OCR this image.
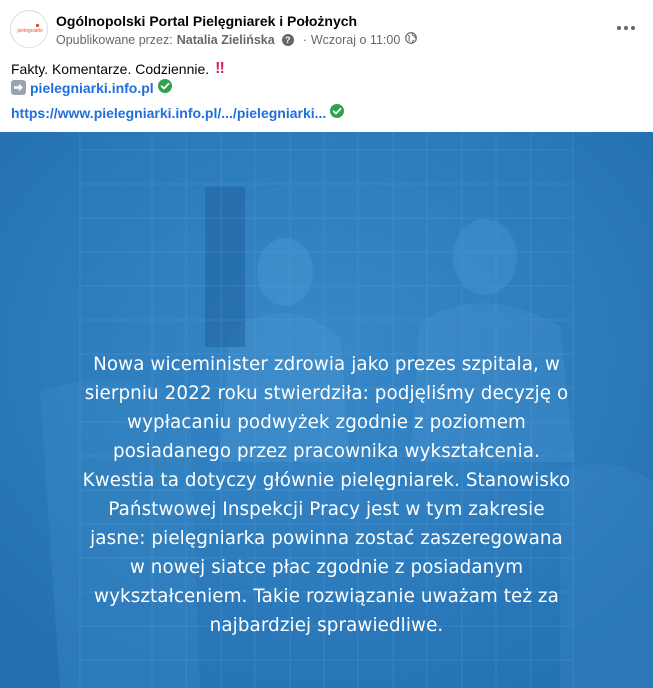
pielegniarki
Ogólnopolski Portal Pielęgniarek i Położnych
Opublikowane przez: Natalia Zielińska	? · Wczoraj o 11:00
Fakty. Komentarze. Codziennie. ‼
pielegniarki.info.pl
https://www.pielegniarki.info.pl/.../pielegniarki...
Nowa wiceminister zdrowia jako prezes szpitala, w sierpniu 2022 roku stwierdziła: podjęliśmy decyzję o wypłacaniu podwyżek zgodnie z poziomem posiadanego przez pracownika wykształcenia. Kwestia ta dotyczy głównie pielęgniarek. Stanowisko Państwowej Inspekcji Pracy jest w tym zakresie jasne: pielęgniarka powinna zostać zaszeregowana w nowej siatce płac zgodnie z posiadanym wykształceniem. Takie rozwiązanie uważam też za najbardziej sprawiedliwe.
